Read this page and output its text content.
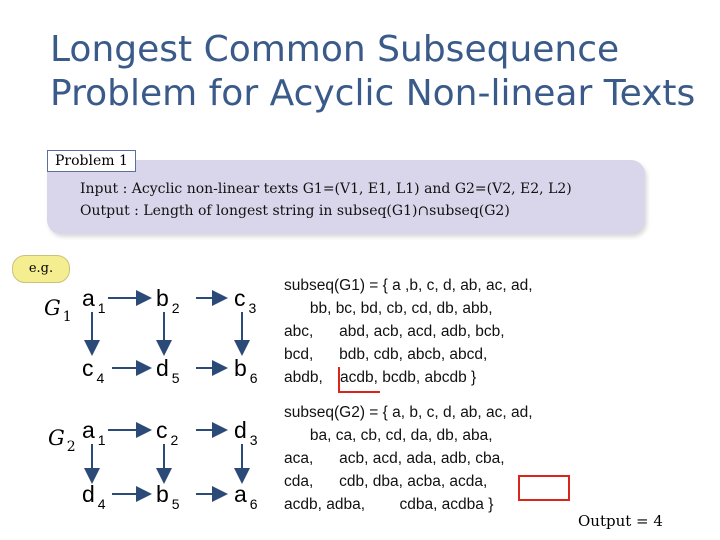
Longest Common Subsequence Problem for Acyclic Non-linear Texts
Problem 1
Input : Acyclic non-linear texts G1=(V1, E1, L1) and G2=(V2, E2, L2)
Output : Length of longest string in subseq(G1)∩subseq(G2)
e.g.
G $_1$
G $_2$
a $_1$ b $_2$ c $_3$
c $_4$ d $_5$ b $_6$
a $_1$ c $_2$ d $_3$
d $_4$ b $_5$ a $_6$
subseq(G1) = { a ,b, c, d, ab, ac, ad,
bb, bc, bd, cb, cd, db, abb,
abc,      abd, acb, acd, adb, bcb,
bcd,      bdb, cdb, abcb, abcd,
abdb,    acdb, bcdb, abcdb }
subseq(G2) = { a, b, c, d, ab, ac, ad,
ba, ca, cb, cd, da, db, aba,
aca,      acb, acd, ada, adb, cba,
cda,      cdb, dba, acba, acda,
acdb, adba,        cdba, acdba }
Output = 4
